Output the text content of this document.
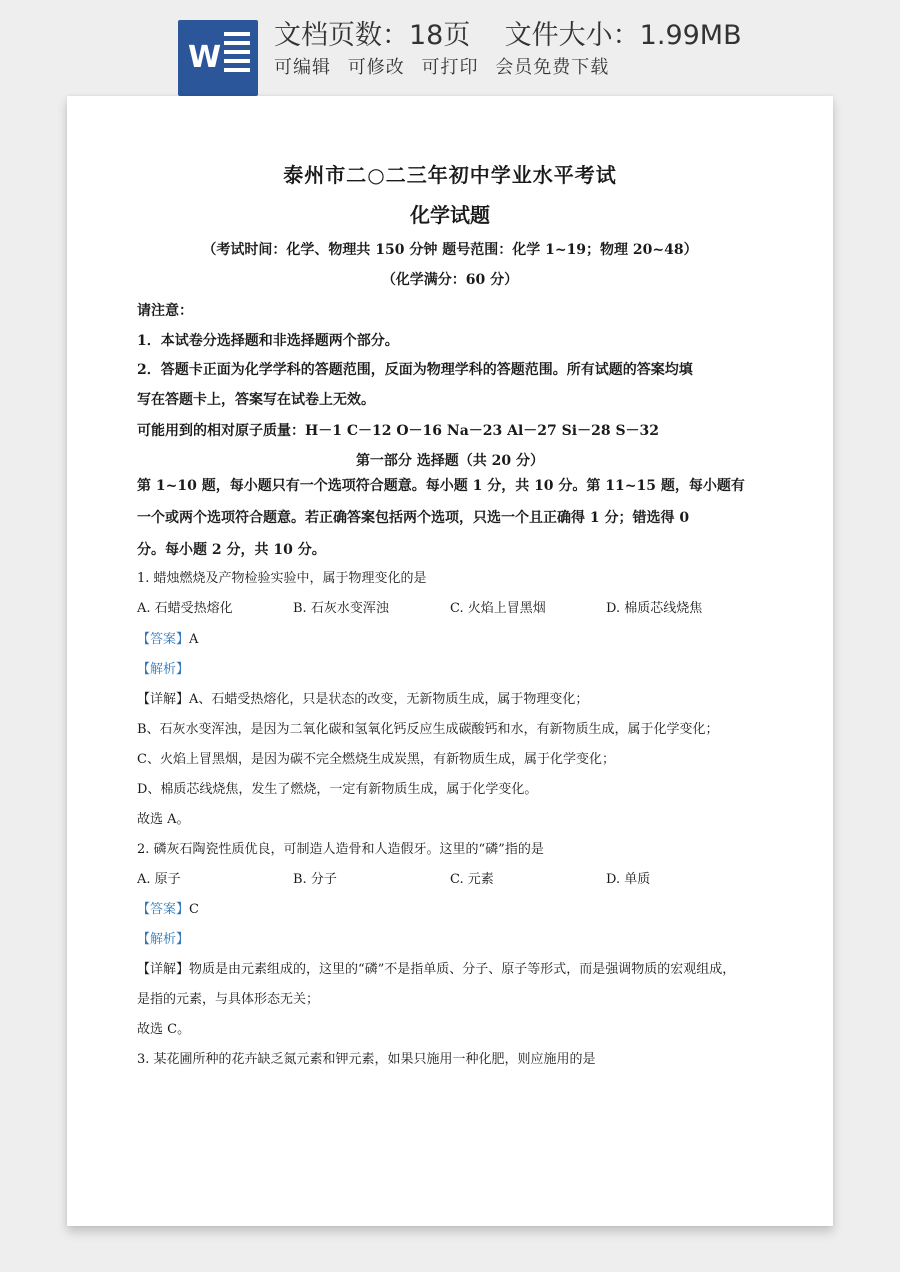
W
文档页数：18页    文件大小：1.99MB
可编辑 可修改 可打印 会员免费下载
泰州市二○二三年初中学业水平考试
化学试题
（考试时间：化学、物理共 150 分钟 题号范围：化学 1~19；物理 20~48）
（化学满分：60 分）
请注意：
1．本试卷分选择题和非选择题两个部分。
2．答题卡正面为化学学科的答题范围，反面为物理学科的答题范围。所有试题的答案均填
写在答题卡上，答案写在试卷上无效。
可能用到的相对原子质量：H－1 C－12 O－16 Na－23 Al－27 Si－28 S－32
第一部分 选择题（共 20 分）
第 1~10 题，每小题只有一个选项符合题意。每小题 1 分，共 10 分。第 11~15 题，每小题有
一个或两个选项符合题意。若正确答案包括两个选项，只选一个且正确得 1 分；错选得 0
分。每小题 2 分，共 10 分。
1. 蜡烛燃烧及产物检验实验中，属于物理变化的是
A. 石蜡受热熔化	B. 石灰水变浑浊	C. 火焰上冒黑烟	D. 棉质芯线烧焦
【答案】A
【解析】
【详解】A、石蜡受热熔化，只是状态的改变，无新物质生成，属于物理变化；
B、石灰水变浑浊，是因为二氧化碳和氢氧化钙反应生成碳酸钙和水，有新物质生成，属于化学变化；
C、火焰上冒黑烟，是因为碳不完全燃烧生成炭黑，有新物质生成，属于化学变化；
D、棉质芯线烧焦，发生了燃烧，一定有新物质生成，属于化学变化。
故选 A。
2. 磷灰石陶瓷性质优良，可制造人造骨和人造假牙。这里的“磷”指的是
A. 原子	B. 分子	C. 元素	D. 单质
【答案】C
【解析】
【详解】物质是由元素组成的，这里的“磷”不是指单质、分子、原子等形式，而是强调物质的宏观组成，
是指的元素，与具体形态无关；
故选 C。
3. 某花圃所种的花卉缺乏氮元素和钾元素，如果只施用一种化肥，则应施用的是
